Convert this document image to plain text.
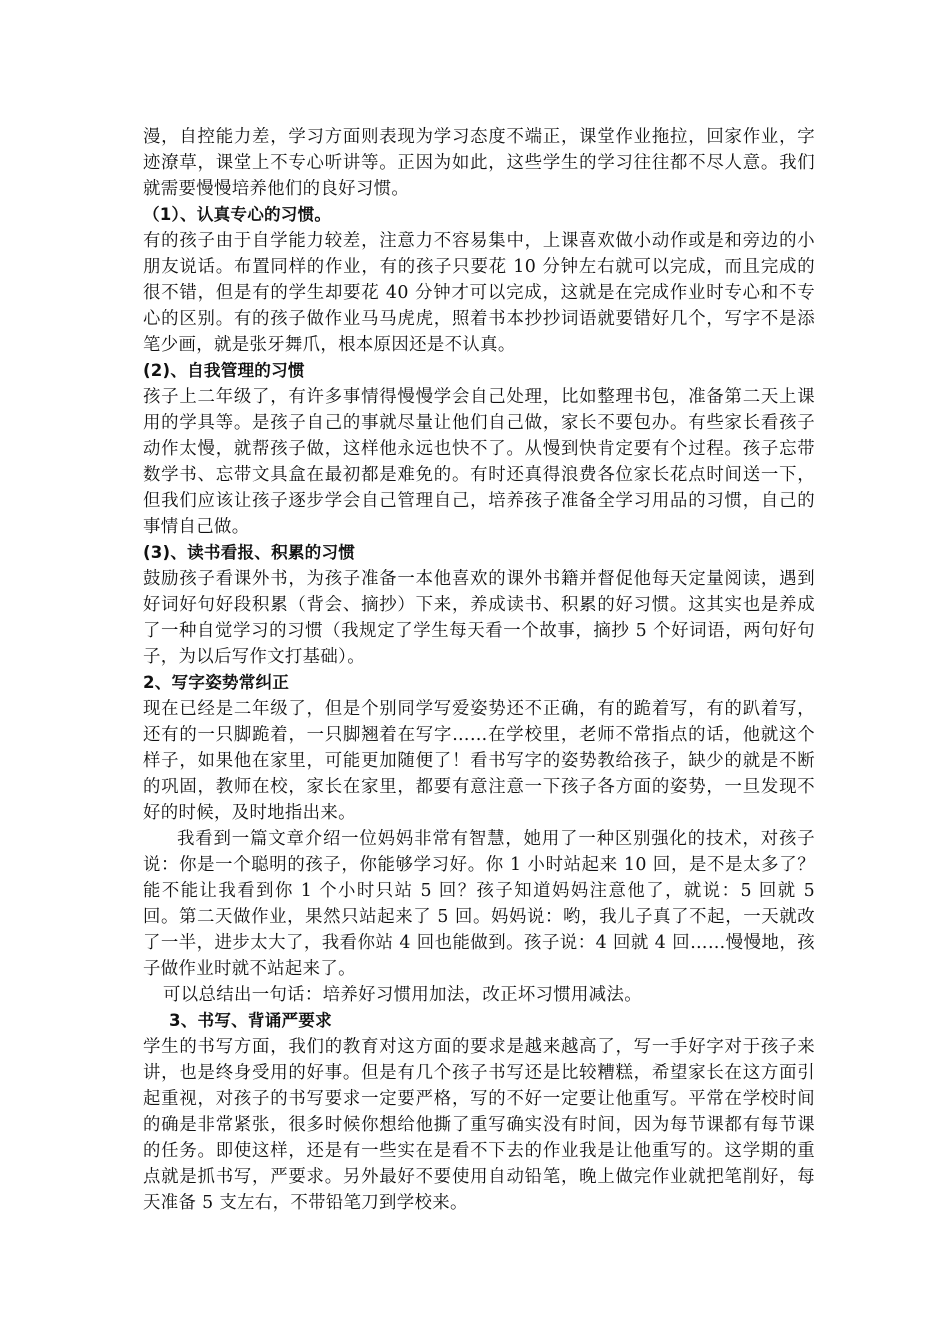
漫，自控能力差，学习方面则表现为学习态度不端正，课堂作业拖拉，回家作业，字迹潦草，课堂上不专心听讲等。正因为如此，这些学生的学习往往都不尽人意。我们就需要慢慢培养他们的良好习惯。

（1）、认真专心的习惯。

有的孩子由于自学能力较差，注意力不容易集中，上课喜欢做小动作或是和旁边的小朋友说话。布置同样的作业，有的孩子只要花 10 分钟左右就可以完成，而且完成的很不错，但是有的学生却要花 40 分钟才可以完成，这就是在完成作业时专心和不专心的区别。有的孩子做作业马马虎虎，照着书本抄抄词语就要错好几个，写字不是添笔少画，就是张牙舞爪，根本原因还是不认真。

(2)、自我管理的习惯

孩子上二年级了，有许多事情得慢慢学会自己处理，比如整理书包，准备第二天上课用的学具等。是孩子自己的事就尽量让他们自己做，家长不要包办。有些家长看孩子动作太慢，就帮孩子做，这样他永远也快不了。从慢到快肯定要有个过程。孩子忘带数学书、忘带文具盒在最初都是难免的。有时还真得浪费各位家长花点时间送一下，但我们应该让孩子逐步学会自己管理自己，培养孩子准备全学习用品的习惯，自己的事情自己做。

(3)、读书看报、积累的习惯

鼓励孩子看课外书，为孩子准备一本他喜欢的课外书籍并督促他每天定量阅读，遇到好词好句好段积累（背会、摘抄）下来，养成读书、积累的好习惯。这其实也是养成了一种自觉学习的习惯（我规定了学生每天看一个故事，摘抄 5 个好词语，两句好句子，为以后写作文打基础）。

2、写字姿势常纠正

现在已经是二年级了，但是个别同学写爱姿势还不正确，有的跪着写，有的趴着写，还有的一只脚跪着，一只脚翘着在写字……在学校里，老师不常指点的话，他就这个样子，如果他在家里，可能更加随便了！看书写字的姿势教给孩子，缺少的就是不断的巩固，教师在校，家长在家里，都要有意注意一下孩子各方面的姿势，一旦发现不好的时候，及时地指出来。

我看到一篇文章介绍一位妈妈非常有智慧，她用了一种区别强化的技术，对孩子说：你是一个聪明的孩子，你能够学习好。你 1 小时站起来 10 回，是不是太多了？能不能让我看到你 1 个小时只站 5 回？孩子知道妈妈注意他了，就说：5 回就 5 回。第二天做作业，果然只站起来了 5 回。妈妈说：哟，我儿子真了不起，一天就改了一半，进步太大了，我看你站 4 回也能做到。孩子说：4 回就 4 回……慢慢地，孩子做作业时就不站起来了。

可以总结出一句话：培养好习惯用加法，改正坏习惯用减法。

3、书写、背诵严要求

学生的书写方面，我们的教育对这方面的要求是越来越高了，写一手好字对于孩子来讲，也是终身受用的好事。但是有几个孩子书写还是比较糟糕，希望家长在这方面引起重视，对孩子的书写要求一定要严格，写的不好一定要让他重写。平常在学校时间的确是非常紧张，很多时候你想给他撕了重写确实没有时间，因为每节课都有每节课的任务。即使这样，还是有一些实在是看不下去的作业我是让他重写的。这学期的重点就是抓书写，严要求。另外最好不要使用自动铅笔，晚上做完作业就把笔削好，每天准备 5 支左右，不带铅笔刀到学校来。
